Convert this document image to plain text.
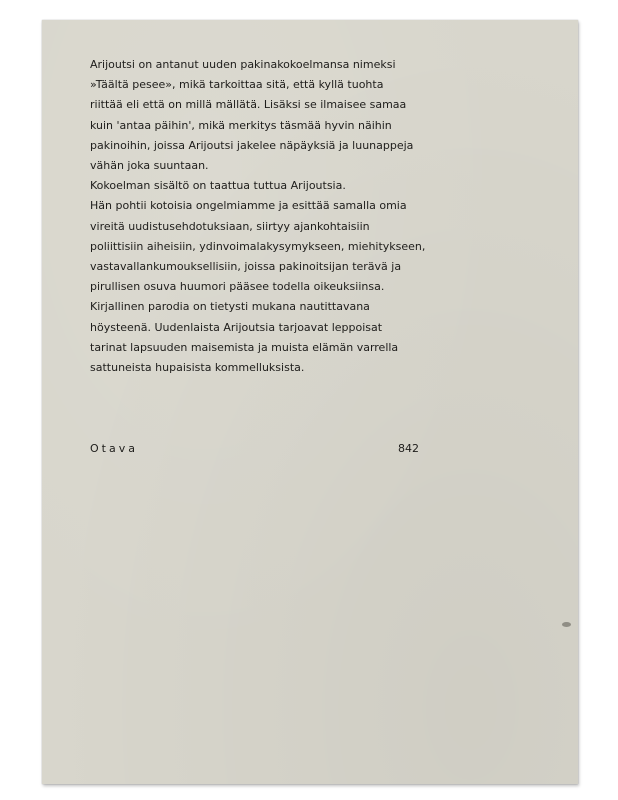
Arijoutsi on antanut uuden pakinakokoelmansa nimeksi
»Täältä pesee», mikä tarkoittaa sitä, että kyllä tuohta
riittää eli että on millä mällätä. Lisäksi se ilmaisee samaa
kuin 'antaa päihin', mikä merkitys täsmää hyvin näihin
pakinoihin, joissa Arijoutsi jakelee näpäyksiä ja luunappeja
vähän joka suuntaan.
Kokoelman sisältö on taattua tuttua Arijoutsia.
Hän pohtii kotoisia ongelmiamme ja esittää samalla omia
vireitä uudistusehdotuksiaan, siirtyy ajankohtaisiin
poliittisiin aiheisiin, ydinvoimalakysymykseen, miehitykseen,
vastavallankumouksellisiin, joissa pakinoitsijan terävä ja
pirullisen osuva huumori pääsee todella oikeuksiinsa.
Kirjallinen parodia on tietysti mukana nautittavana
höysteenä. Uudenlaista Arijoutsia tarjoavat leppoisat
tarinat lapsuuden maisemista ja muista elämän varrella
sattuneista hupaisista kommelluksista.

Otava	842
